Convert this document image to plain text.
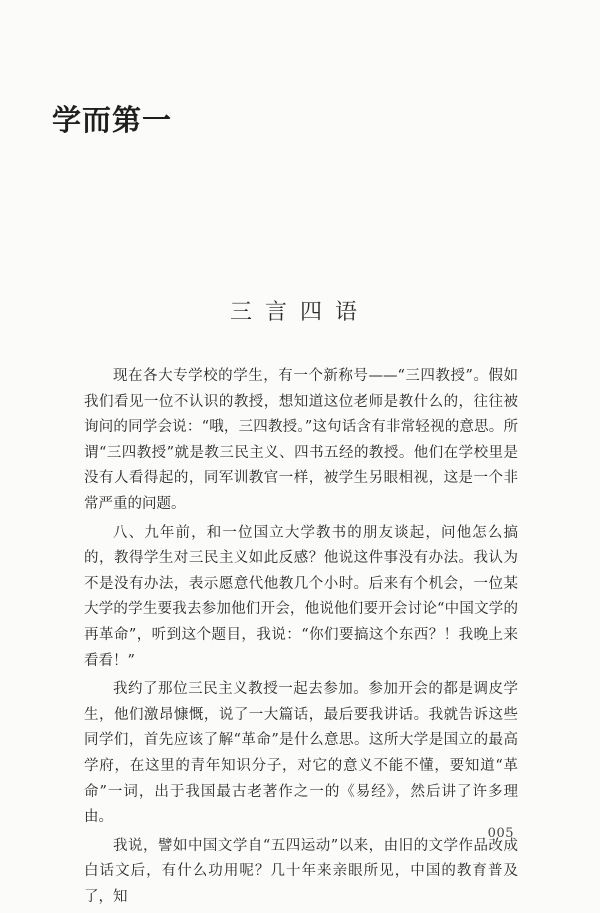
学而第一
三言四语

现在各大专学校的学生，有一个新称号——“三四教授”。假如我们看见一位不认识的教授，想知道这位老师是教什么的，往往被询问的同学会说：“哦，三四教授。”这句话含有非常轻视的意思。所谓“三四教授”就是教三民主义、四书五经的教授。他们在学校里是没有人看得起的，同军训教官一样，被学生另眼相视，这是一个非常严重的问题。

八、九年前，和一位国立大学教书的朋友谈起，问他怎么搞的，教得学生对三民主义如此反感？他说这件事没有办法。我认为不是没有办法，表示愿意代他教几个小时。后来有个机会，一位某大学的学生要我去参加他们开会，他说他们要开会讨论“中国文学的再革命”，听到这个题目，我说：“你们要搞这个东西？！我晚上来看看！”

我约了那位三民主义教授一起去参加。参加开会的都是调皮学生，他们激昂慷慨，说了一大篇话，最后要我讲话。我就告诉这些同学们，首先应该了解“革命”是什么意思。这所大学是国立的最高学府，在这里的青年知识分子，对它的意义不能不懂，要知道“革命”一词，出于我国最古老著作之一的《易经》，然后讲了许多理由。

我说，譬如中国文学自“五四运动”以来，由旧的文学作品改成白话文后，有什么功用呢？几十年来亲眼所见，中国的教育普及了，知

005
